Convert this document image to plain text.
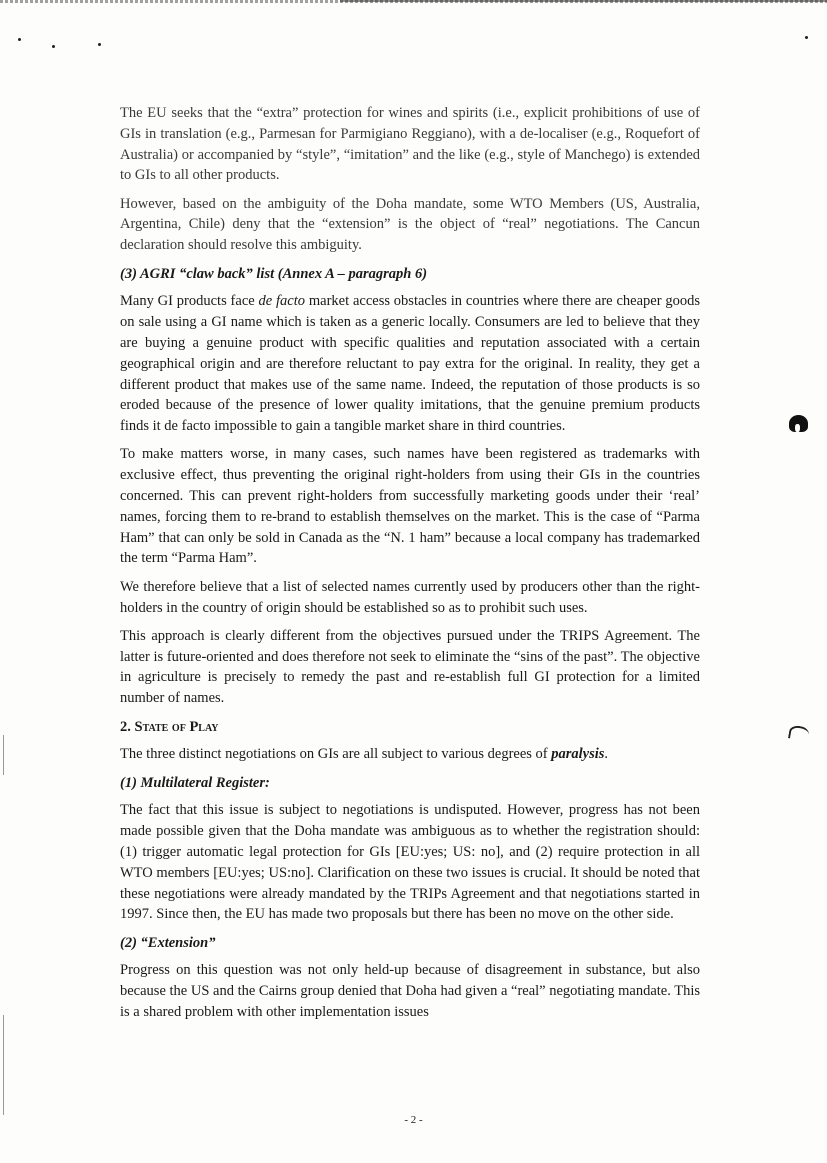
The EU seeks that the “extra” protection for wines and spirits (i.e., explicit prohibitions of use of GIs in translation (e.g., Parmesan for Parmigiano Reggiano), with a de-localiser (e.g., Roquefort of Australia) or accompanied by “style”, “imitation” and the like (e.g., style of Manchego) is extended to GIs to all other products.

However, based on the ambiguity of the Doha mandate, some WTO Members (US, Australia, Argentina, Chile) deny that the “extension” is the object of “real” negotiations. The Cancun declaration should resolve this ambiguity.

(3) AGRI “claw back” list (Annex A – paragraph 6)

Many GI products face de facto market access obstacles in countries where there are cheaper goods on sale using a GI name which is taken as a generic locally. Consumers are led to believe that they are buying a genuine product with specific qualities and reputation associated with a certain geographical origin and are therefore reluctant to pay extra for the original. In reality, they get a different product that makes use of the same name. Indeed, the reputation of those products is so eroded because of the presence of lower quality imitations, that the genuine premium products finds it de facto impossible to gain a tangible market share in third countries.

To make matters worse, in many cases, such names have been registered as trademarks with exclusive effect, thus preventing the original right-holders from using their GIs in the countries concerned. This can prevent right-holders from successfully marketing goods under their ‘real’ names, forcing them to re-brand to establish themselves on the market. This is the case of “Parma Ham” that can only be sold in Canada as the “N. 1 ham” because a local company has trademarked the term “Parma Ham”.

We therefore believe that a list of selected names currently used by producers other than the right-holders in the country of origin should be established so as to prohibit such uses.

This approach is clearly different from the objectives pursued under the TRIPS Agreement. The latter is future-oriented and does therefore not seek to eliminate the “sins of the past”. The objective in agriculture is precisely to remedy the past and re-establish full GI protection for a limited number of names.

2. State of Play

The three distinct negotiations on GIs are all subject to various degrees of paralysis.

(1) Multilateral Register:

The fact that this issue is subject to negotiations is undisputed. However, progress has not been made possible given that the Doha mandate was ambiguous as to whether the registration should: (1) trigger automatic legal protection for GIs [EU:yes; US: no], and (2) require protection in all WTO members [EU:yes; US:no]. Clarification on these two issues is crucial. It should be noted that these negotiations were already mandated by the TRIPs Agreement and that negotiations started in 1997. Since then, the EU has made two proposals but there has been no move on the other side.

(2) “Extension”

Progress on this question was not only held-up because of disagreement in substance, but also because the US and the Cairns group denied that Doha had given a “real” negotiating mandate. This is a shared problem with other implementation issues

- 2 -
